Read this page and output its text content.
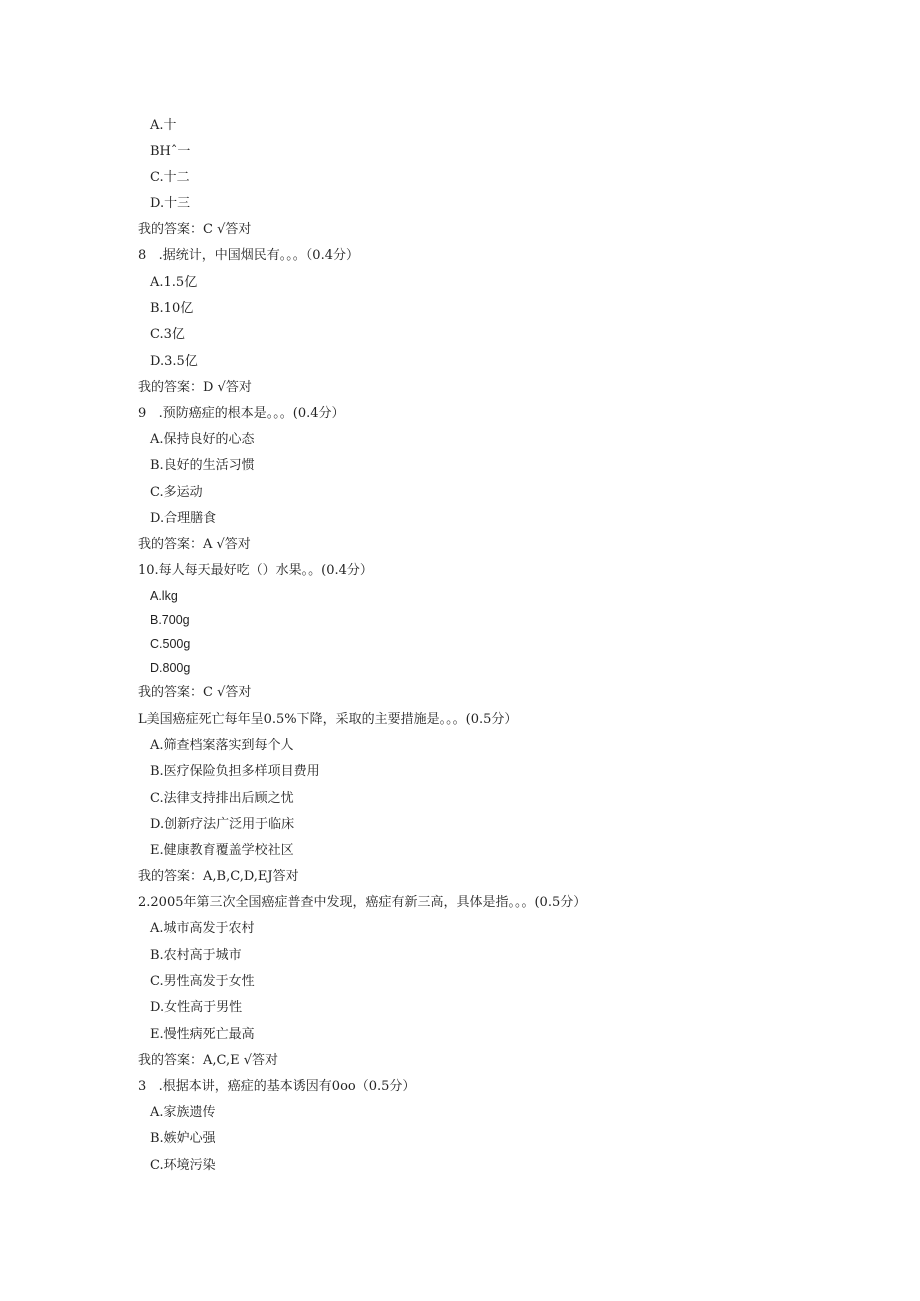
A.十
BHˆ一
C.十二
D.十三
我的答案：C √答对
8   .据统计，中国烟民有。。。（0.4分）
A.1.5亿
B.10亿
C.3亿
D.3.5亿
我的答案：D √答对
9   .预防癌症的根本是。。。(0.4分）
A.保持良好的心态
B.良好的生活习惯
C.多运动
D.合理膳食
我的答案：A √答对
10.每人每天最好吃（）水果。。(0.4分）
A.lkg
B.700g
C.500g
D.800g
我的答案：C √答对
L美国癌症死亡每年呈0.5%下降，采取的主要措施是。。。(0.5分）
A.筛查档案落实到每个人
B.医疗保险负担多样项目费用
C.法律支持排出后顾之忧
D.创新疗法广泛用于临床
E.健康教育覆盖学校社区
我的答案：A,B,C,D,EJ答对
2.2005年第三次全国癌症普查中发现，癌症有新三高，具体是指。。。(0.5分）
A.城市高发于农村
B.农村高于城市
C.男性高发于女性
D.女性高于男性
E.慢性病死亡最高
我的答案：A,C,E √答对
3   .根据本讲，癌症的基本诱因有0oo（0.5分）
A.家族遗传
B.嫉妒心强
C.环境污染
